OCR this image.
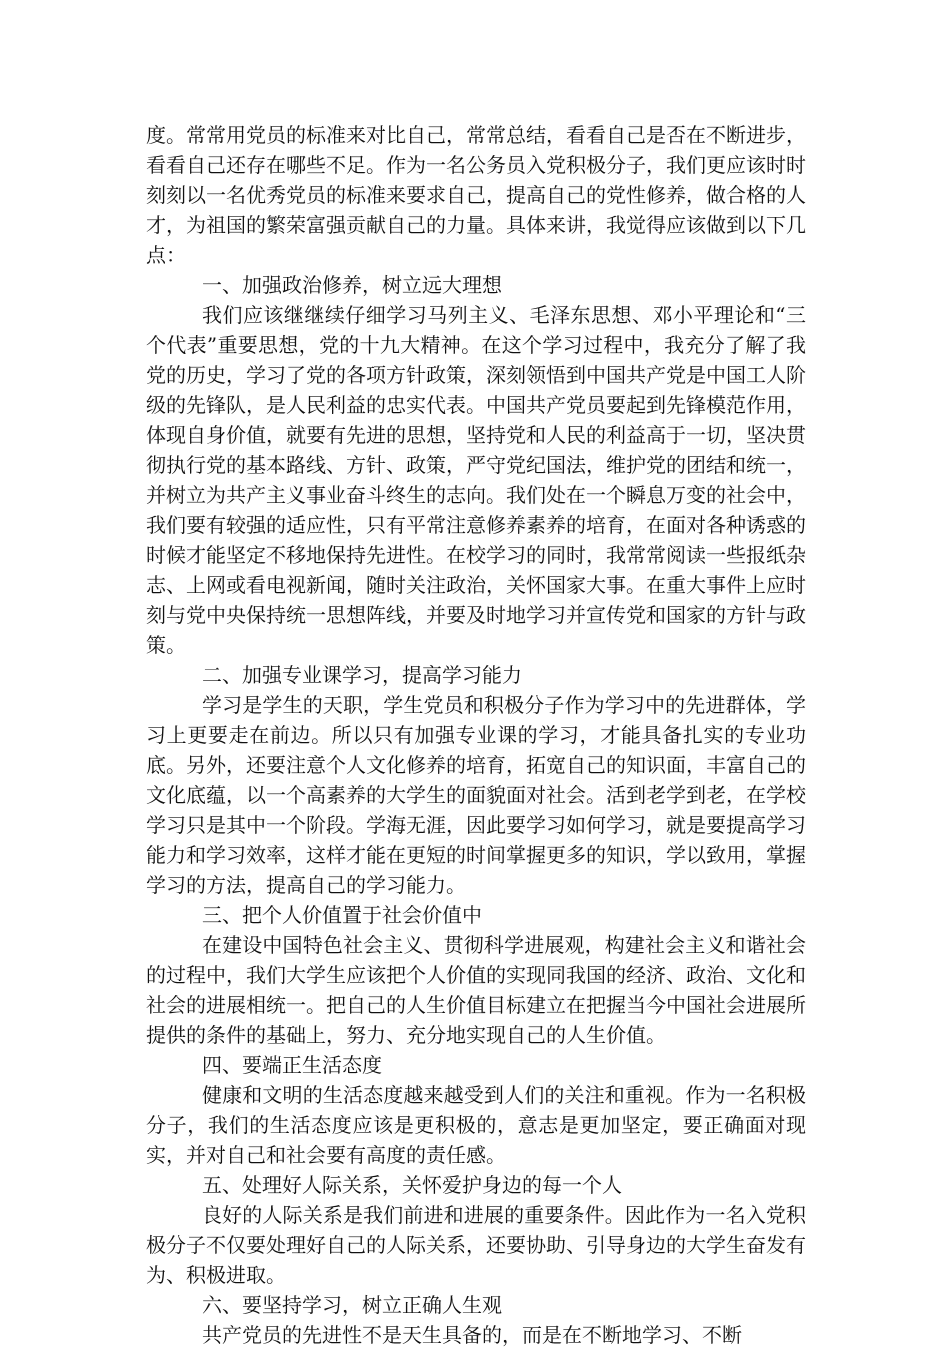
度。常常用党员的标准来对比自己，常常总结，看看自己是否在不断进步，看看自己还存在哪些不足。作为一名公务员入党积极分子，我们更应该时时刻刻以一名优秀党员的标准来要求自己，提高自己的党性修养，做合格的人才，为祖国的繁荣富强贡献自己的力量。具体来讲，我觉得应该做到以下几点：

一、加强政治修养，树立远大理想

我们应该继继续仔细学习马列主义、毛泽东思想、邓小平理论和“三个代表”重要思想，党的十九大精神。在这个学习过程中，我充分了解了我党的历史，学习了党的各项方针政策，深刻领悟到中国共产党是中国工人阶级的先锋队，是人民利益的忠实代表。中国共产党员要起到先锋模范作用，体现自身价值，就要有先进的思想，坚持党和人民的利益高于一切，坚决贯彻执行党的基本路线、方针、政策，严守党纪国法，维护党的团结和统一，并树立为共产主义事业奋斗终生的志向。我们处在一个瞬息万变的社会中，我们要有较强的适应性，只有平常注意修养素养的培育，在面对各种诱惑的时候才能坚定不移地保持先进性。在校学习的同时，我常常阅读一些报纸杂志、上网或看电视新闻，随时关注政治，关怀国家大事。在重大事件上应时刻与党中央保持统一思想阵线，并要及时地学习并宣传党和国家的方针与政策。

二、加强专业课学习，提高学习能力

学习是学生的天职，学生党员和积极分子作为学习中的先进群体，学习上更要走在前边。所以只有加强专业课的学习，才能具备扎实的专业功底。另外，还要注意个人文化修养的培育，拓宽自己的知识面，丰富自己的文化底蕴，以一个高素养的大学生的面貌面对社会。活到老学到老，在学校学习只是其中一个阶段。学海无涯，因此要学习如何学习，就是要提高学习能力和学习效率，这样才能在更短的时间掌握更多的知识，学以致用，掌握学习的方法，提高自己的学习能力。

三、把个人价值置于社会价值中

在建设中国特色社会主义、贯彻科学进展观，构建社会主义和谐社会的过程中，我们大学生应该把个人价值的实现同我国的经济、政治、文化和社会的进展相统一。把自己的人生价值目标建立在把握当今中国社会进展所提供的条件的基础上，努力、充分地实现自己的人生价值。

四、要端正生活态度

健康和文明的生活态度越来越受到人们的关注和重视。作为一名积极分子，我们的生活态度应该是更积极的，意志是更加坚定，要正确面对现实，并对自己和社会要有高度的责任感。

五、处理好人际关系，关怀爱护身边的每一个人

良好的人际关系是我们前进和进展的重要条件。因此作为一名入党积极分子不仅要处理好自己的人际关系，还要协助、引导身边的大学生奋发有为、积极进取。

六、要坚持学习，树立正确人生观

共产党员的先进性不是天生具备的，而是在不断地学习、不断
